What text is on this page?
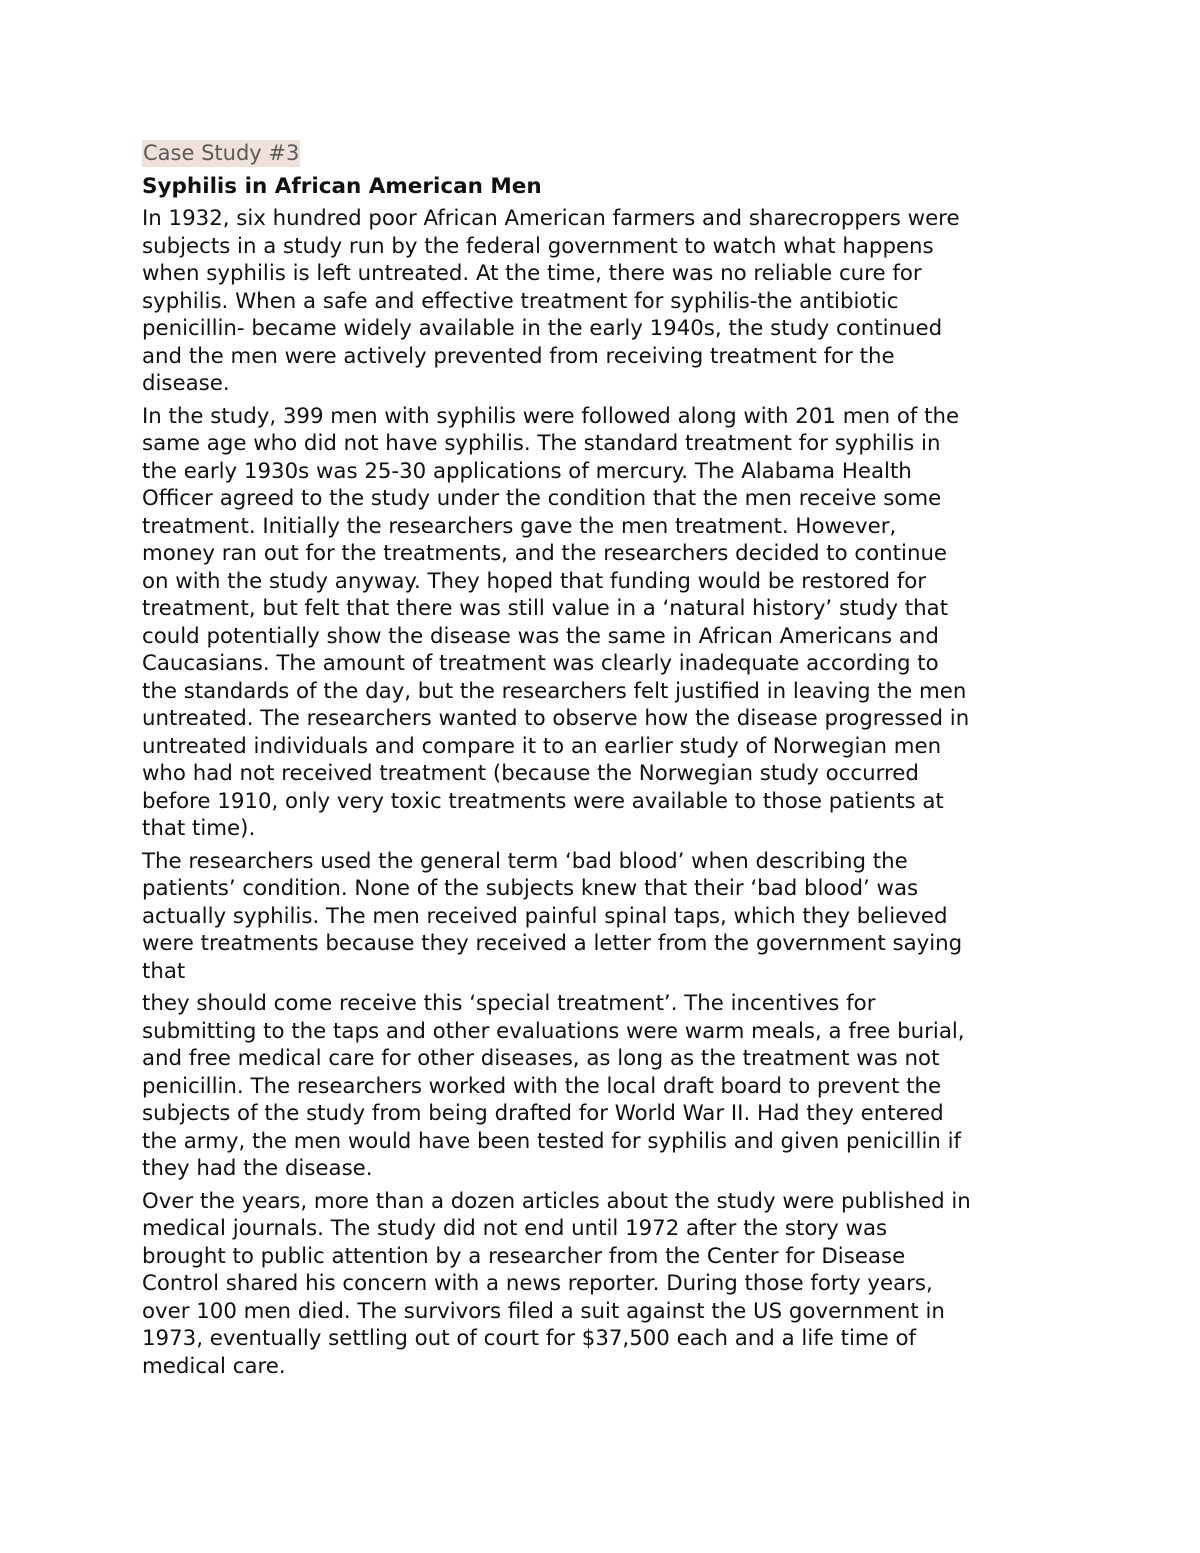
Case Study #3
Syphilis in African American Men

In 1932, six hundred poor African American farmers and sharecroppers were
subjects in a study run by the federal government to watch what happens
when syphilis is left untreated. At the time, there was no reliable cure for
syphilis. When a safe and effective treatment for syphilis-the antibiotic
penicillin- became widely available in the early 1940s, the study continued
and the men were actively prevented from receiving treatment for the
disease.

In the study, 399 men with syphilis were followed along with 201 men of the
same age who did not have syphilis. The standard treatment for syphilis in
the early 1930s was 25-30 applications of mercury. The Alabama Health
Officer agreed to the study under the condition that the men receive some
treatment. Initially the researchers gave the men treatment. However,
money ran out for the treatments, and the researchers decided to continue
on with the study anyway. They hoped that funding would be restored for
treatment, but felt that there was still value in a ‘natural history’ study that
could potentially show the disease was the same in African Americans and
Caucasians. The amount of treatment was clearly inadequate according to
the standards of the day, but the researchers felt justified in leaving the men
untreated. The researchers wanted to observe how the disease progressed in
untreated individuals and compare it to an earlier study of Norwegian men
who had not received treatment (because the Norwegian study occurred
before 1910, only very toxic treatments were available to those patients at
that time).

The researchers used the general term ‘bad blood’ when describing the
patients’ condition. None of the subjects knew that their ‘bad blood’ was
actually syphilis. The men received painful spinal taps, which they believed
were treatments because they received a letter from the government saying
that

they should come receive this ‘special treatment’. The incentives for
submitting to the taps and other evaluations were warm meals, a free burial,
and free medical care for other diseases, as long as the treatment was not
penicillin. The researchers worked with the local draft board to prevent the
subjects of the study from being drafted for World War II. Had they entered
the army, the men would have been tested for syphilis and given penicillin if
they had the disease.

Over the years, more than a dozen articles about the study were published in
medical journals. The study did not end until 1972 after the story was
brought to public attention by a researcher from the Center for Disease
Control shared his concern with a news reporter. During those forty years,
over 100 men died. The survivors filed a suit against the US government in
1973, eventually settling out of court for $37,500 each and a life time of
medical care.
